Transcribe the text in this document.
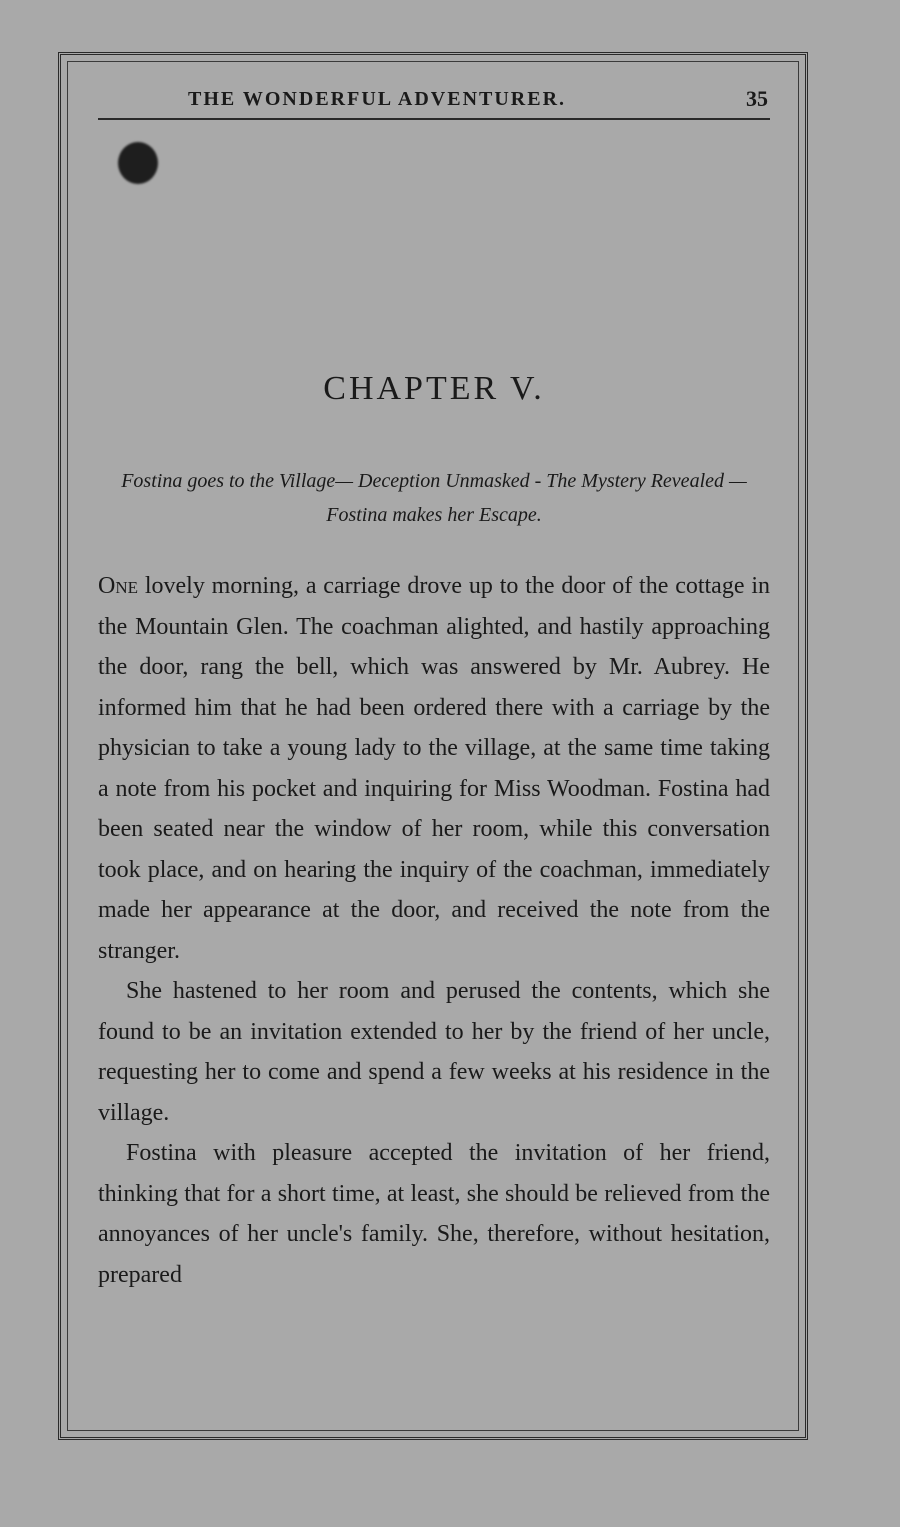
THE WONDERFUL ADVENTURER.	35
CHAPTER V.
Fostina goes to the Village— Deception Unmasked - The Mystery Revealed — Fostina makes her Escape.

One lovely morning, a carriage drove up to the door of the cottage in the Mountain Glen. The coachman alighted, and hastily approaching the door, rang the bell, which was answered by Mr. Aubrey. He informed him that he had been ordered there with a carriage by the physician to take a young lady to the village, at the same time taking a note from his pocket and inquiring for Miss Woodman. Fostina had been seated near the window of her room, while this conversation took place, and on hearing the inquiry of the coachman, immediately made her appearance at the door, and received the note from the stranger.

She hastened to her room and perused the contents, which she found to be an invitation extended to her by the friend of her uncle, requesting her to come and spend a few weeks at his residence in the village.

Fostina with pleasure accepted the invitation of her friend, thinking that for a short time, at least, she should be relieved from the annoyances of her uncle's family. She, therefore, without hesitation, prepared
